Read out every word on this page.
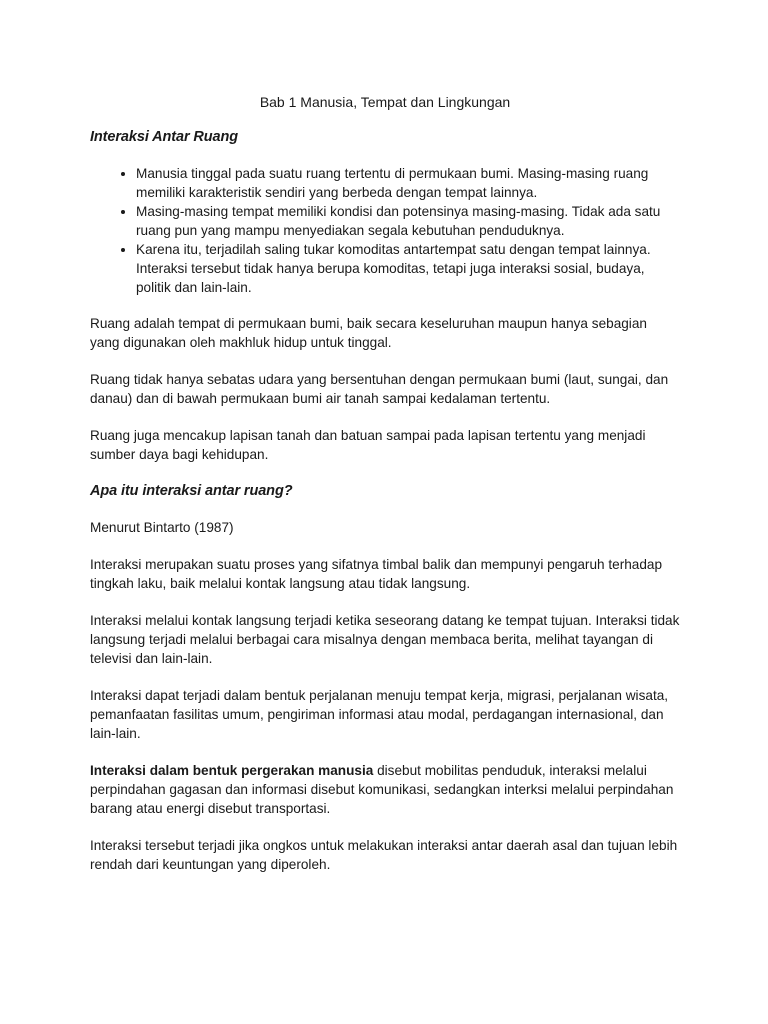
Bab 1 Manusia, Tempat dan Lingkungan
Interaksi Antar Ruang
• Manusia tinggal pada suatu ruang tertentu di permukaan bumi. Masing-masing ruang memiliki karakteristik sendiri yang berbeda dengan tempat lainnya.
• Masing-masing tempat memiliki kondisi dan potensinya masing-masing. Tidak ada satu ruang pun yang mampu menyediakan segala kebutuhan penduduknya.
• Karena itu, terjadilah saling tukar komoditas antartempat satu dengan tempat lainnya. Interaksi tersebut tidak hanya berupa komoditas, tetapi juga interaksi sosial, budaya, politik dan lain-lain.

Ruang adalah tempat di permukaan bumi, baik secara keseluruhan maupun hanya sebagian yang digunakan oleh makhluk hidup untuk tinggal.

Ruang tidak hanya sebatas udara yang bersentuhan dengan permukaan bumi (laut, sungai, dan danau) dan di bawah permukaan bumi air tanah sampai kedalaman tertentu.

Ruang juga mencakup lapisan tanah dan batuan sampai pada lapisan tertentu yang menjadi sumber daya bagi kehidupan.

Apa itu interaksi antar ruang?

Menurut Bintarto (1987)

Interaksi merupakan suatu proses yang sifatnya timbal balik dan mempunyi pengaruh terhadap tingkah laku, baik melalui kontak langsung atau tidak langsung.

Interaksi melalui kontak langsung terjadi ketika seseorang datang ke tempat tujuan. Interaksi tidak langsung terjadi melalui berbagai cara misalnya dengan membaca berita, melihat tayangan di televisi dan lain-lain.

Interaksi dapat terjadi dalam bentuk perjalanan menuju tempat kerja, migrasi, perjalanan wisata, pemanfaatan fasilitas umum, pengiriman informasi atau modal, perdagangan internasional, dan lain-lain.

Interaksi dalam bentuk pergerakan manusia disebut mobilitas penduduk, interaksi melalui perpindahan gagasan dan informasi disebut komunikasi, sedangkan interksi melalui perpindahan barang atau energi disebut transportasi.

Interaksi tersebut terjadi jika ongkos untuk melakukan interaksi antar daerah asal dan tujuan lebih rendah dari keuntungan yang diperoleh.
